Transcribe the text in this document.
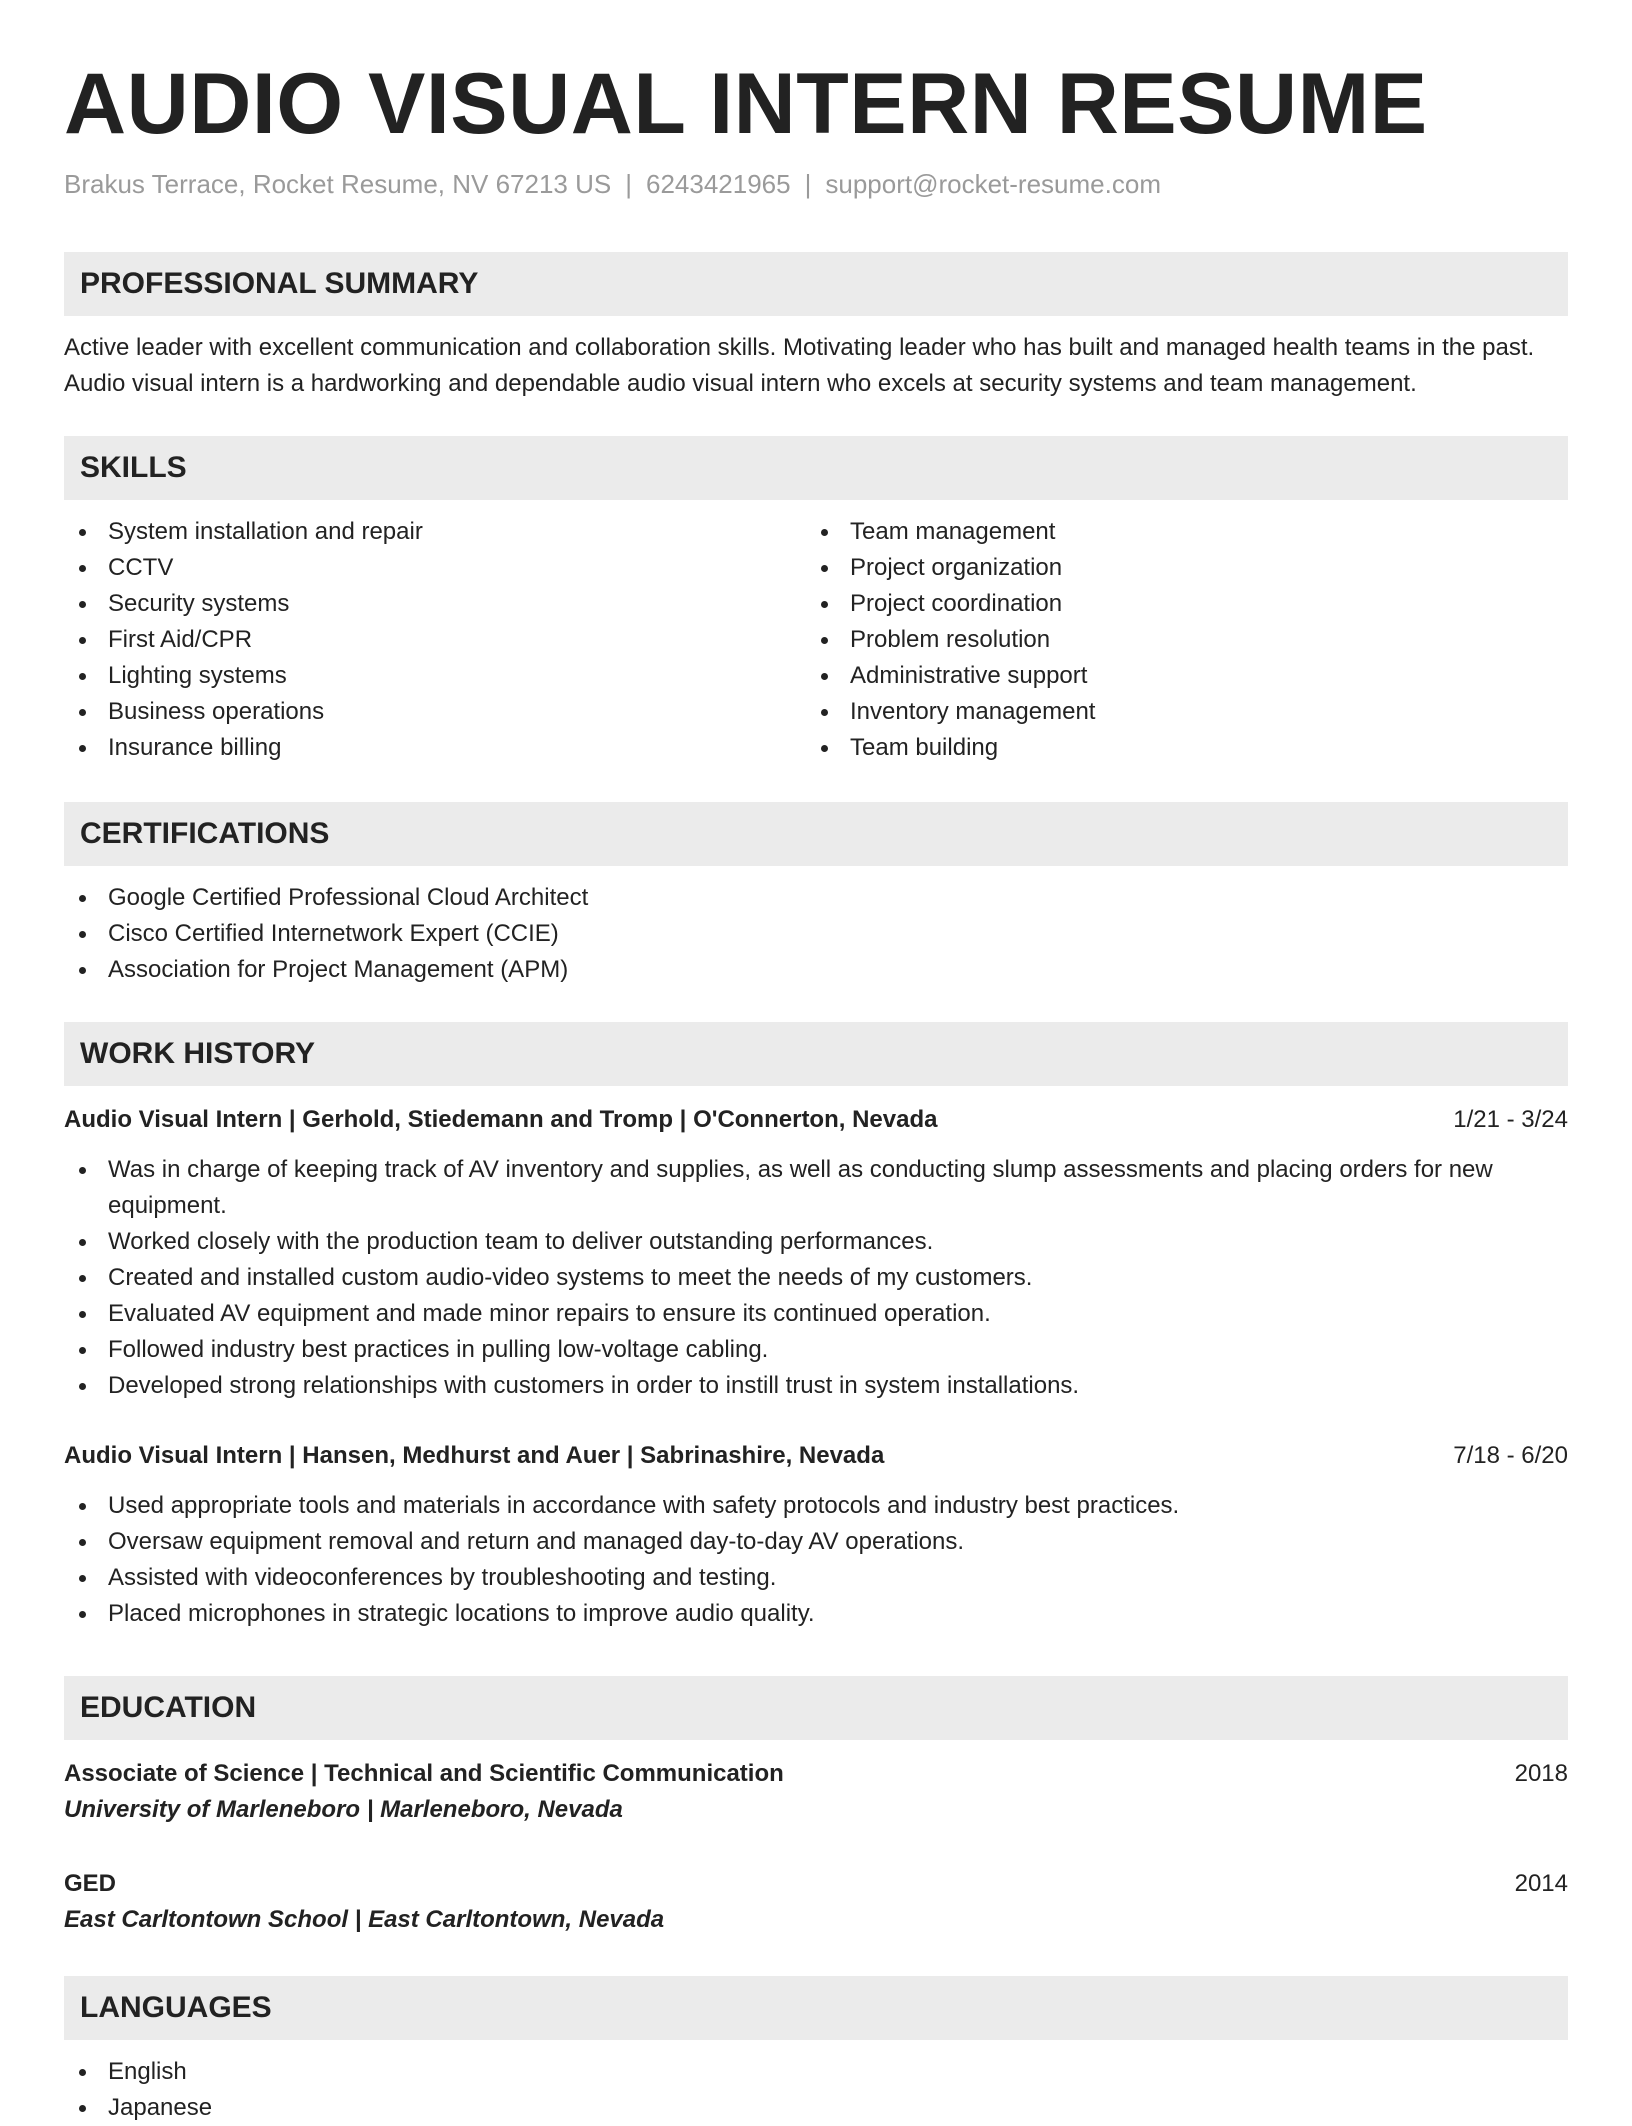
AUDIO VISUAL INTERN RESUME
Brakus Terrace, Rocket Resume, NV 67213 US | 6243421965 | support@rocket-resume.com
PROFESSIONAL SUMMARY
Active leader with excellent communication and collaboration skills. Motivating leader who has built and managed health teams in the past. Audio visual intern is a hardworking and dependable audio visual intern who excels at security systems and team management.
SKILLS
System installation and repair
CCTV
Security systems
First Aid/CPR
Lighting systems
Business operations
Insurance billing
Team management
Project organization
Project coordination
Problem resolution
Administrative support
Inventory management
Team building
CERTIFICATIONS
Google Certified Professional Cloud Architect
Cisco Certified Internetwork Expert (CCIE)
Association for Project Management (APM)
WORK HISTORY
Audio Visual Intern | Gerhold, Stiedemann and Tromp | O'Connerton, Nevada	1/21 - 3/24
Was in charge of keeping track of AV inventory and supplies, as well as conducting slump assessments and placing orders for new equipment.
Worked closely with the production team to deliver outstanding performances.
Created and installed custom audio-video systems to meet the needs of my customers.
Evaluated AV equipment and made minor repairs to ensure its continued operation.
Followed industry best practices in pulling low-voltage cabling.
Developed strong relationships with customers in order to instill trust in system installations.
Audio Visual Intern | Hansen, Medhurst and Auer | Sabrinashire, Nevada	7/18 - 6/20
Used appropriate tools and materials in accordance with safety protocols and industry best practices.
Oversaw equipment removal and return and managed day-to-day AV operations.
Assisted with videoconferences by troubleshooting and testing.
Placed microphones in strategic locations to improve audio quality.
EDUCATION
Associate of Science | Technical and Scientific Communication	2018
University of Marleneboro | Marleneboro, Nevada
GED	2014
East Carltontown School | East Carltontown, Nevada
LANGUAGES
English
Japanese
